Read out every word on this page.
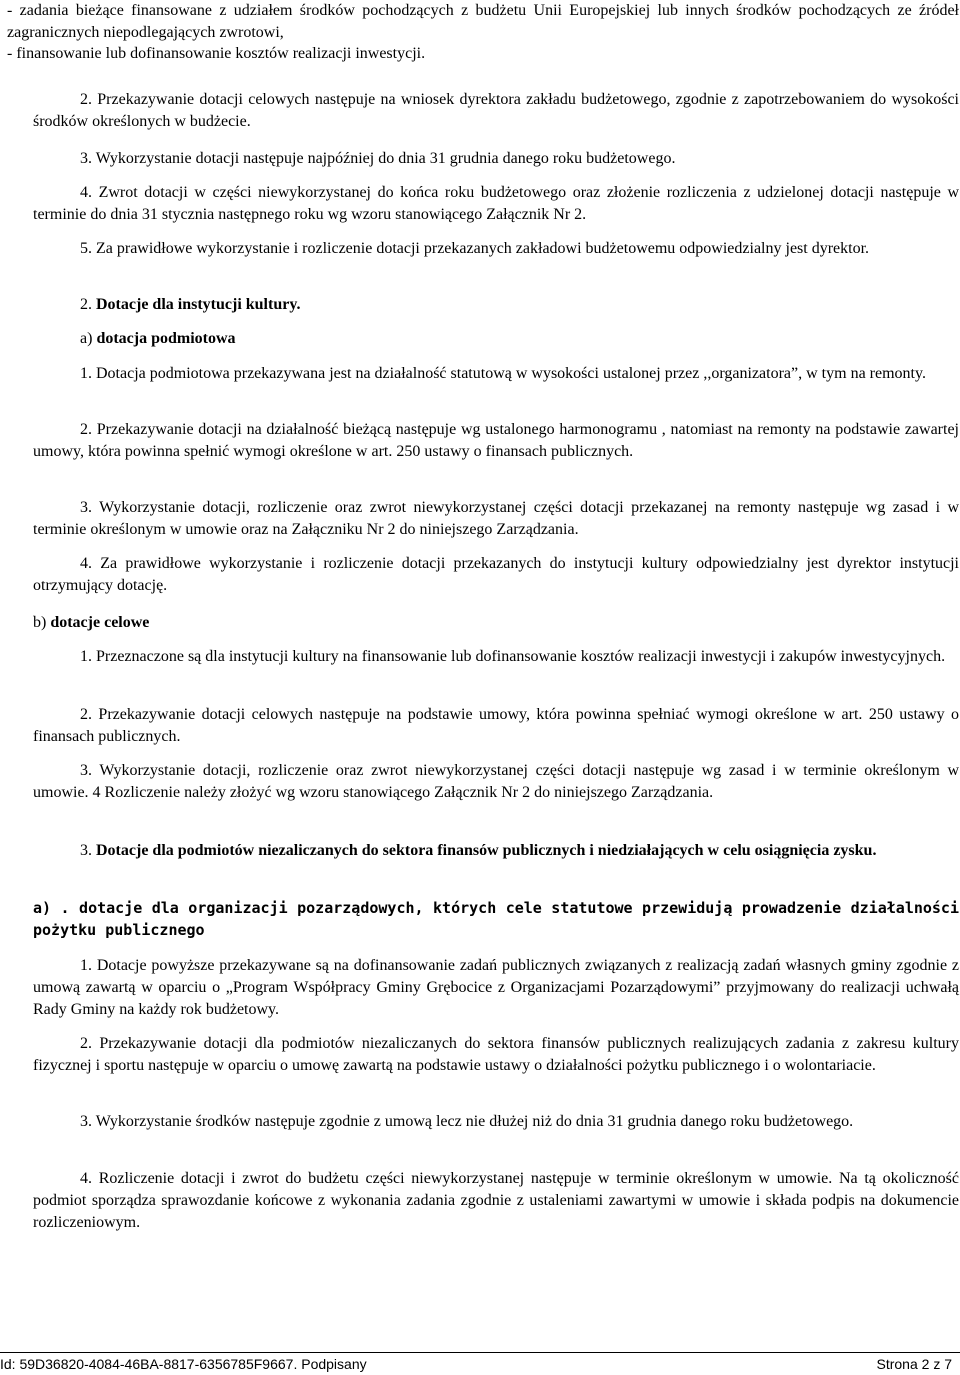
- zadania bieżące finansowane z udziałem środków pochodzących z budżetu Unii Europejskiej lub innych środków pochodzących ze źródeł zagranicznych niepodlegających zwrotowi,

- finansowanie lub dofinansowanie kosztów realizacji inwestycji.

2. Przekazywanie dotacji celowych następuje na wniosek dyrektora zakładu budżetowego, zgodnie z zapotrzebowaniem do wysokości środków określonych w budżecie.

3. Wykorzystanie dotacji następuje najpóźniej do dnia 31 grudnia danego roku budżetowego.

4. Zwrot dotacji w części niewykorzystanej do końca roku budżetowego oraz złożenie rozliczenia z udzielonej dotacji następuje w terminie do dnia 31 stycznia następnego roku wg wzoru stanowiącego Załącznik Nr 2.

5. Za prawidłowe wykorzystanie i rozliczenie dotacji przekazanych zakładowi budżetowemu odpowiedzialny jest dyrektor.

2. Dotacje dla instytucji kultury.

a) dotacja podmiotowa

1. Dotacja podmiotowa przekazywana jest na działalność statutową w wysokości ustalonej przez ,,organizatora”, w tym na remonty.

2. Przekazywanie dotacji na działalność bieżącą następuje wg ustalonego harmonogramu , natomiast na remonty na podstawie zawartej umowy, która powinna spełnić wymogi określone w art. 250 ustawy o finansach publicznych.

3. Wykorzystanie dotacji, rozliczenie oraz zwrot niewykorzystanej części dotacji przekazanej na remonty następuje wg zasad i w terminie określonym w umowie oraz na Załączniku Nr 2 do niniejszego Zarządzania.

4. Za prawidłowe wykorzystanie i rozliczenie dotacji przekazanych do instytucji kultury odpowiedzialny jest dyrektor instytucji otrzymujący dotację.

b) dotacje celowe

1. Przeznaczone są dla instytucji kultury na finansowanie lub dofinansowanie kosztów realizacji inwestycji i zakupów inwestycyjnych.

2. Przekazywanie dotacji celowych następuje na podstawie umowy, która powinna spełniać wymogi określone w art. 250 ustawy o finansach publicznych.

3. Wykorzystanie dotacji, rozliczenie oraz zwrot niewykorzystanej części dotacji następuje wg zasad i w terminie określonym w umowie. 4 Rozliczenie należy złożyć wg wzoru stanowiącego Załącznik Nr 2 do niniejszego Zarządzania.

3. Dotacje dla podmiotów niezaliczanych do sektora finansów publicznych i niedziałających w celu osiągnięcia zysku.

a) . dotacje dla organizacji pozarządowych, których cele statutowe przewidują prowadzenie działalności pożytku publicznego

1. Dotacje powyższe przekazywane są na dofinansowanie zadań publicznych związanych z realizacją zadań własnych gminy zgodnie z umową zawartą w oparciu o „Program Współpracy Gminy Grębocice z Organizacjami Pozarządowymi” przyjmowany do realizacji uchwałą Rady Gminy na każdy rok budżetowy.

2. Przekazywanie dotacji dla podmiotów niezaliczanych do sektora finansów publicznych realizujących zadania z zakresu kultury fizycznej i sportu następuje w oparciu o umowę zawartą na podstawie ustawy o działalności pożytku publicznego i o wolontariacie.

3. Wykorzystanie środków następuje zgodnie z umową lecz nie dłużej niż do dnia 31 grudnia danego roku budżetowego.

4. Rozliczenie dotacji i zwrot do budżetu części niewykorzystanej następuje w terminie określonym w umowie. Na tą okoliczność podmiot sporządza sprawozdanie końcowe z wykonania zadania zgodnie z ustaleniami zawartymi w umowie i składa podpis na dokumencie rozliczeniowym.

Id: 59D36820-4084-46BA-8817-6356785F9667. Podpisany	Strona 2 z 7
